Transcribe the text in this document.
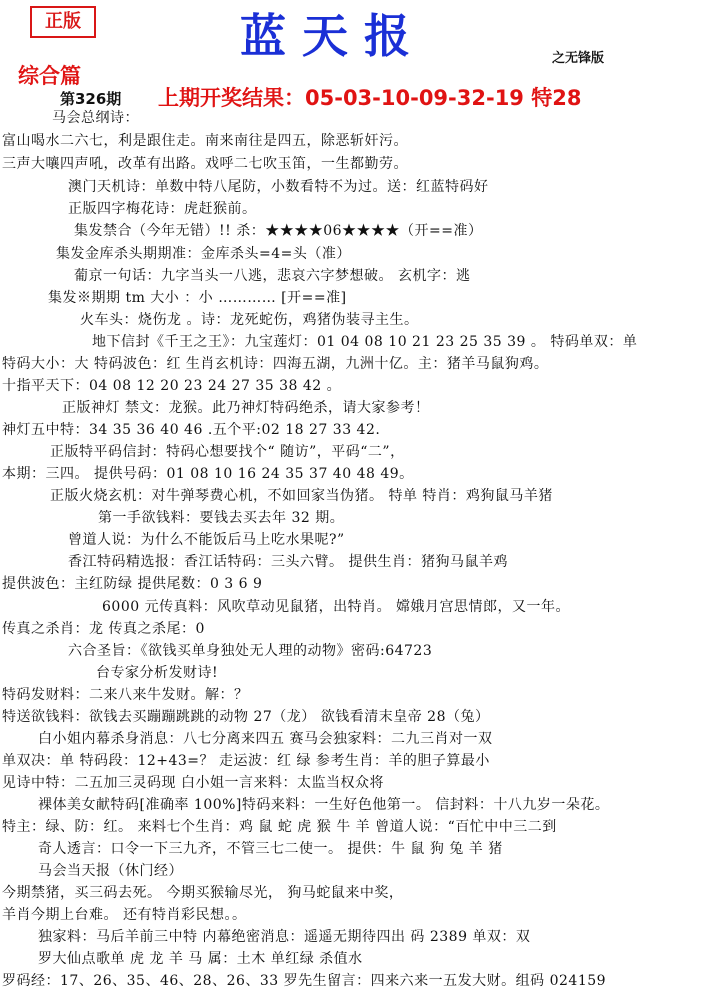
正版	蓝天报	之无锋版
综合篇
第326期 上期开奖结果：05-03-10-09-32-19 特28
马会总纲诗：
富山喝水二六七，利是跟住走。南来南往是四五，除恶斩奸污。
三声大嚷四声吼，改革有出路。戏呼二七吹玉笛，一生都勤劳。
澳门天机诗：单数中特八尾防，小数看特不为过。送：红蓝特码好
正版四字梅花诗：虎赶猴前。
集发禁合（今年无错）!! 杀：★★★★06★★★★（开==准）
集发金库杀头期期准：金库杀头=4=头（准）
葡京一句话：九字当头一八逃，悲哀六字梦想破。 玄机字：逃
集发※期期 tm 大小 ：小 ………… [开==准]
火车头：烧伤龙 。诗：龙死蛇伤，鸡猪伪装寻主生。
地下信封《千王之王》：九宝莲灯：01 04 08 10 21 23 25 35 39 。 特码单双：单
特码大小：大 特码波色：红 生肖玄机诗：四海五湖，九洲十亿。主：猪羊马鼠狗鸡。
十指平天下：04 08 12 20 23 24 27 35 38 42 。
正版神灯 禁文：龙猴。此乃神灯特码绝杀，请大家参考！
神灯五中特：34 35 36 40 46 .五个平:02 18 27 33 42.
正版特平码信封：特码心想要找个“ 随访”，平码“二”，
本期：三四。 提供号码：01 08 10 16 24 35 37 40 48 49。
正版火烧玄机：对牛弹琴费心机，不如回家当伪猪。 特单 特肖：鸡狗鼠马羊猪
第一手欲钱料：要钱去买去年 32 期。
曾道人说：为什么不能饭后马上吃水果呢?”
香江特码精选报：香江话特码：三头六臂。 提供生肖：猪狗马鼠羊鸡
提供波色：主红防绿 提供尾数：0 3 6 9
6000 元传真料：风吹草动见鼠猪，出特肖。 嫦娥月宫思情郎，又一年。
传真之杀肖：龙 传真之杀尾：0
六合圣旨：《欲钱买单身独处无人理的动物》密码:64723
台专家分析发财诗!
特码发财料：二来八来牛发财。解：？
特送欲钱料：欲钱去买蹦蹦跳跳的动物 27（龙） 欲钱看清末皇帝 28（兔）
白小姐内幕杀身消息：八七分离来四五 赛马会独家料：二九三肖对一双
单双决：单 特码段：12+43=？ 走运波：红 绿 参考生肖：羊的胆子算最小
见诗中特：二五加三灵码现 白小姐一言来料：太监当权众将
裸体美女献特码[准确率 100%]特码来料：一生好色他第一。 信封料：十八九岁一朵花。
特主：绿、防：红。 来料七个生肖：鸡 鼠 蛇 虎 猴 牛 羊 曾道人说：“百忙中中三二到
奇人透言：口令一下三九齐，不管三七二使一。 提供：牛 鼠 狗 兔 羊 猪
马会当天报（休门经）
今期禁猪，买三码去死。 今期买猴输尽光， 狗马蛇鼠来中奖，
羊肖今期上台难。 还有特肖彩民想。。
独家料：马后羊前三中特 内幕绝密消息：遥遥无期待四出 码 2389 单双：双
罗大仙点歌单 虎 龙 羊 马 属：土木 单红绿 杀值水
罗码经：17、26、35、46、28、26、33 罗先生留言：四来六来一五发大财。组码 024159
